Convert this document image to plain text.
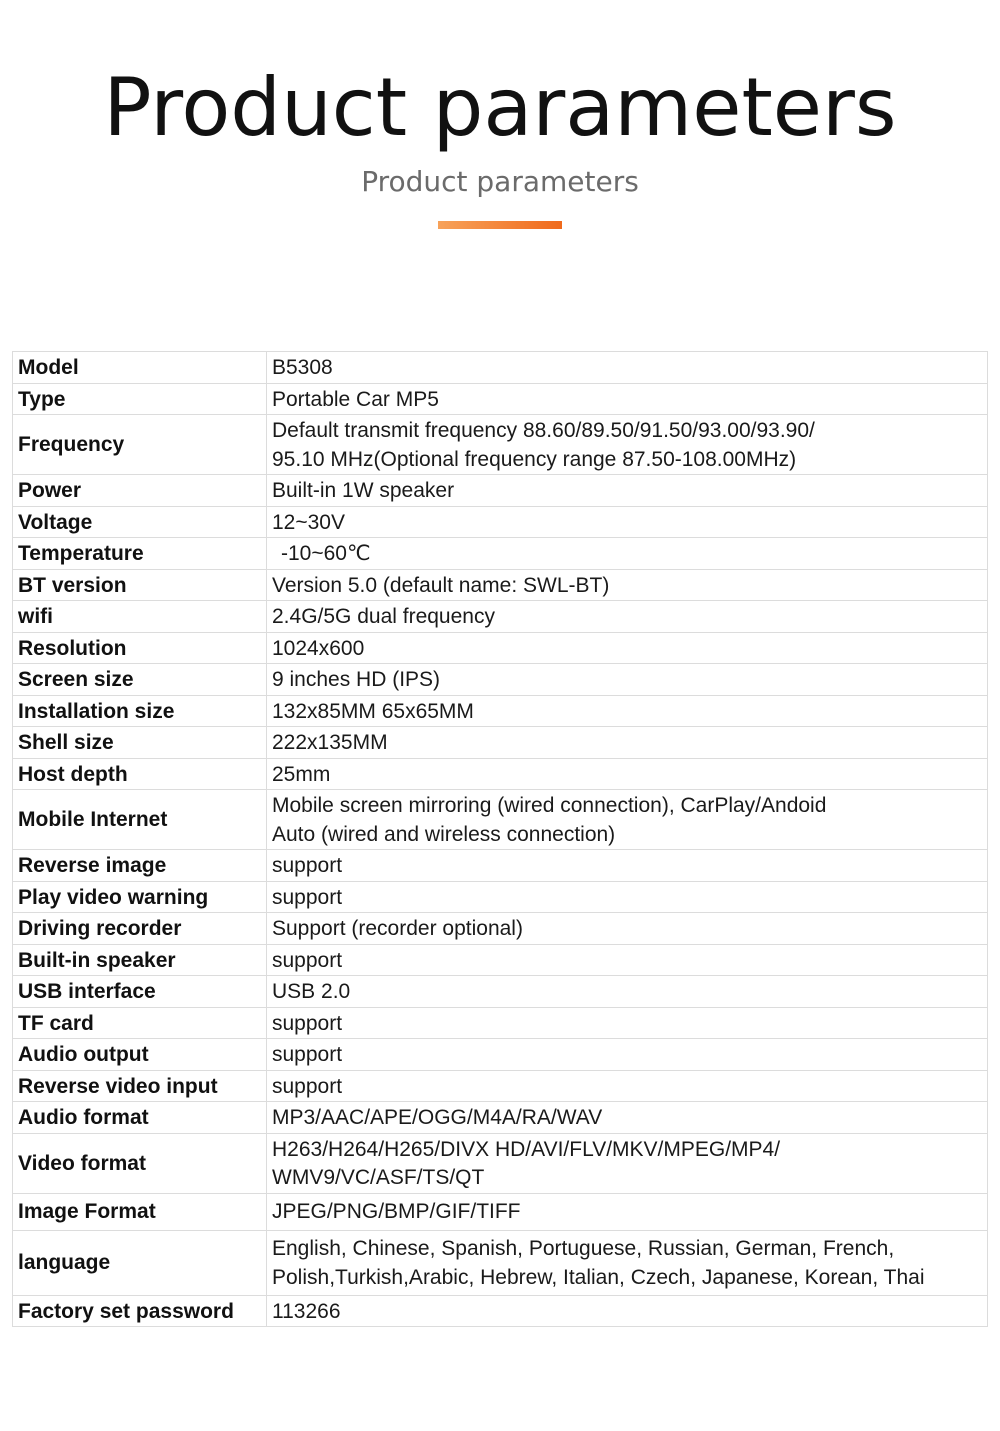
Product parameters
Product parameters
Model	B5308
Type	Portable Car MP5
Frequency	Default transmit frequency 88.60/89.50/91.50/93.00/93.90/
95.10 MHz(Optional frequency range 87.50-108.00MHz)
Power	Built-in 1W speaker
Voltage	12~30V
Temperature	-10~60℃
BT version	Version 5.0 (default name: SWL-BT)
wifi	2.4G/5G dual frequency
Resolution	1024x600
Screen size	9 inches HD (IPS)
Installation size	132x85MM 65x65MM
Shell size	222x135MM
Host depth	25mm
Mobile Internet	Mobile screen mirroring (wired connection), CarPlay/Andoid
Auto (wired and wireless connection)
Reverse image	support
Play video warning	support
Driving recorder	Support (recorder optional)
Built-in speaker	support
USB interface	USB 2.0
TF card	support
Audio output	support
Reverse video input	support
Audio format	MP3/AAC/APE/OGG/M4A/RA/WAV
Video format	H263/H264/H265/DIVX HD/AVI/FLV/MKV/MPEG/MP4/
WMV9/VC/ASF/TS/QT
Image Format	JPEG/PNG/BMP/GIF/TIFF
language	English, Chinese, Spanish, Portuguese, Russian, German, French,
Polish,Turkish,Arabic, Hebrew, Italian, Czech, Japanese, Korean, Thai
Factory set password	113266
